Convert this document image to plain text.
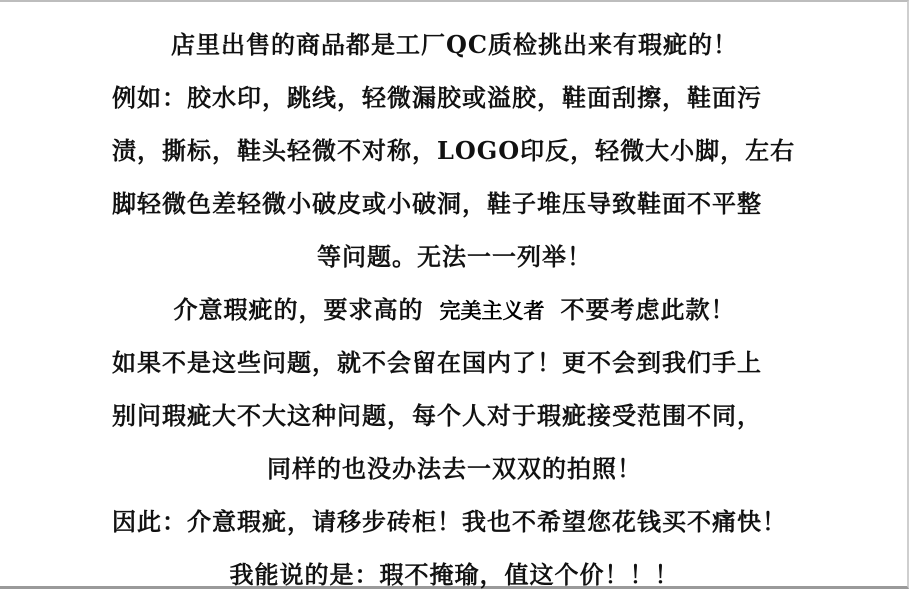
店里出售的商品都是工厂QC质检挑出来有瑕疵的！
例如：胶水印，跳线，轻微漏胶或溢胶，鞋面刮擦，鞋面污
渍，撕标，鞋头轻微不对称，LOGO印反，轻微大小脚，左右
脚轻微色差轻微小破皮或小破洞，鞋子堆压导致鞋面不平整
等问题。无法一一列举！
介意瑕疵的，要求高的 完美主义者 不要考虑此款！
如果不是这些问题，就不会留在国内了！更不会到我们手上
别问瑕疵大不大这种问题，每个人对于瑕疵接受范围不同，
同样的也没办法去一双双的拍照！
因此：介意瑕疵，请移步砖柜！我也不希望您花钱买不痛快！
我能说的是：瑕不掩瑜，值这个价！！！
